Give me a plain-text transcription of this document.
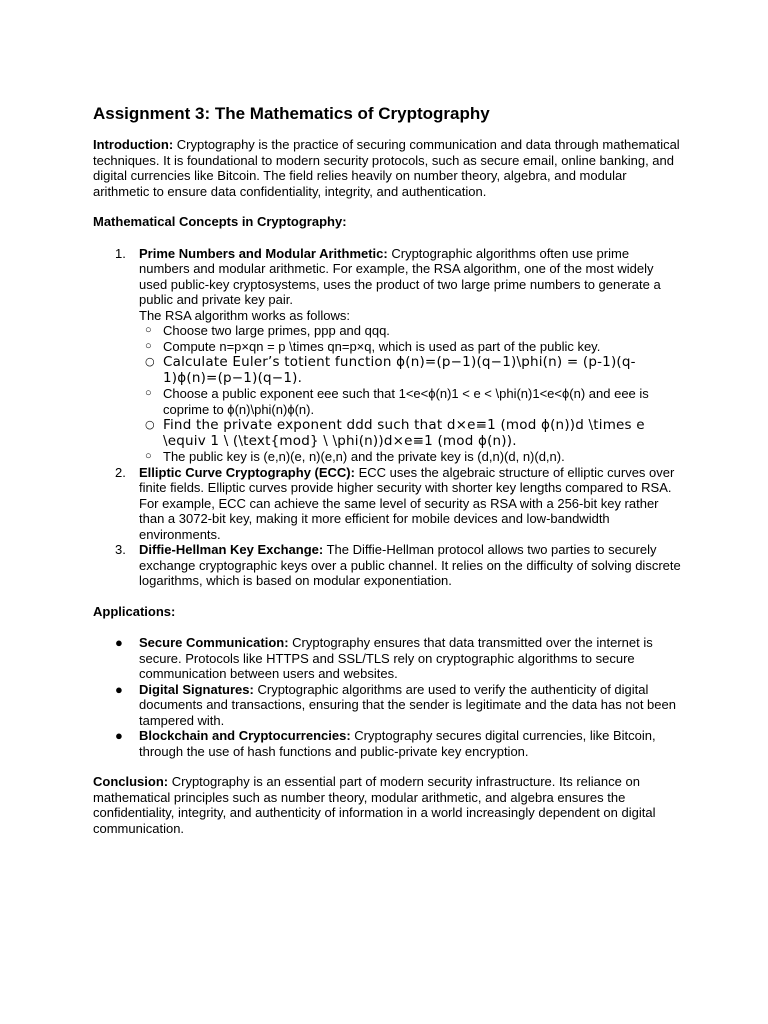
Assignment 3: The Mathematics of Cryptography

Introduction: Cryptography is the practice of securing communication and data through mathematical techniques. It is foundational to modern security protocols, such as secure email, online banking, and digital currencies like Bitcoin. The field relies heavily on number theory, algebra, and modular arithmetic to ensure data confidentiality, integrity, and authentication.

Mathematical Concepts in Cryptography:

1. Prime Numbers and Modular Arithmetic: Cryptographic algorithms often use prime numbers and modular arithmetic. For example, the RSA algorithm, one of the most widely used public-key cryptosystems, uses the product of two large prime numbers to generate a public and private key pair.
The RSA algorithm works as follows:
○ Choose two large primes, ppp and qqq.
○ Compute n=p×qn = p \times qn=p×q, which is used as part of the public key.
○ Calculate Euler’s totient function ϕ(n)=(p−1)(q−1)\phi(n) = (p-1)(q-1)ϕ(n)=(p−1)(q−1).
○ Choose a public exponent eee such that 1<e<ϕ(n)1 < e < \phi(n)1<e<ϕ(n) and eee is coprime to ϕ(n)\phi(n)ϕ(n).
○ Find the private exponent ddd such that d×e≡1 (mod ϕ(n))d \times e \equiv 1 \ (\text{mod} \ \phi(n))d×e≡1 (mod ϕ(n)).
○ The public key is (e,n)(e, n)(e,n) and the private key is (d,n)(d, n)(d,n).
2. Elliptic Curve Cryptography (ECC): ECC uses the algebraic structure of elliptic curves over finite fields. Elliptic curves provide higher security with shorter key lengths compared to RSA. For example, ECC can achieve the same level of security as RSA with a 256-bit key rather than a 3072-bit key, making it more efficient for mobile devices and low-bandwidth environments.
3. Diffie-Hellman Key Exchange: The Diffie-Hellman protocol allows two parties to securely exchange cryptographic keys over a public channel. It relies on the difficulty of solving discrete logarithms, which is based on modular exponentiation.

Applications:

● Secure Communication: Cryptography ensures that data transmitted over the internet is secure. Protocols like HTTPS and SSL/TLS rely on cryptographic algorithms to secure communication between users and websites.
● Digital Signatures: Cryptographic algorithms are used to verify the authenticity of digital documents and transactions, ensuring that the sender is legitimate and the data has not been tampered with.
● Blockchain and Cryptocurrencies: Cryptography secures digital currencies, like Bitcoin, through the use of hash functions and public-private key encryption.

Conclusion: Cryptography is an essential part of modern security infrastructure. Its reliance on mathematical principles such as number theory, modular arithmetic, and algebra ensures the confidentiality, integrity, and authenticity of information in a world increasingly dependent on digital communication.
